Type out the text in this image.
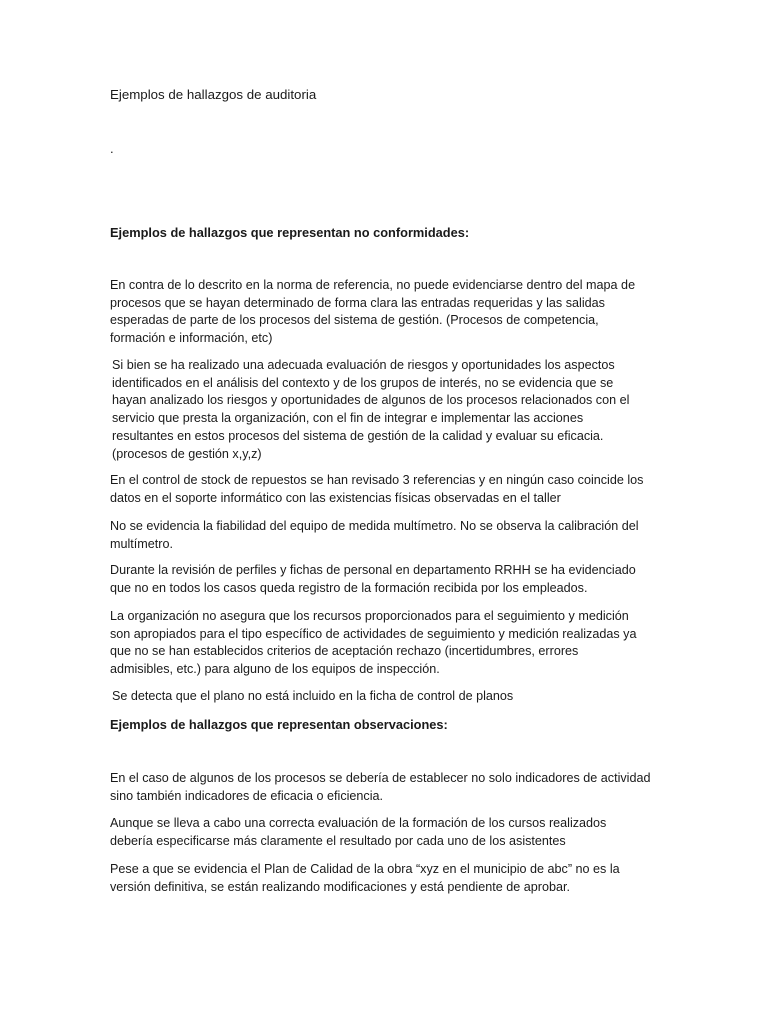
Ejemplos de hallazgos de auditoria
.
Ejemplos de hallazgos que representan no conformidades:

En contra de lo descrito en la norma de referencia, no puede evidenciarse dentro del mapa de
procesos que se hayan determinado de forma clara las entradas requeridas y las salidas
esperadas de parte de los procesos del sistema de gestión. (Procesos de competencia,
formación e información, etc)

Si bien se ha realizado una adecuada evaluación de riesgos y oportunidades los aspectos
identificados en el análisis del contexto y de los grupos de interés, no se evidencia que se
hayan analizado los riesgos y oportunidades de algunos de los procesos relacionados con el
servicio que presta la organización, con el fin de integrar e implementar las acciones
resultantes en estos procesos del sistema de gestión de la calidad y evaluar su eficacia.
(procesos de gestión x,y,z)

En el control de stock de repuestos se han revisado 3 referencias y en ningún caso coincide los
datos en el soporte informático con las existencias físicas observadas en el taller

No se evidencia la fiabilidad del equipo de medida multímetro. No se observa la calibración del
multímetro.

Durante la revisión de perfiles y fichas de personal en departamento RRHH se ha evidenciado
que no en todos los casos queda registro de la formación recibida por los empleados.

La organización no asegura que los recursos proporcionados para el seguimiento y medición
son apropiados para el tipo específico de actividades de seguimiento y medición realizadas ya
que no se han establecidos criterios de aceptación rechazo (incertidumbres, errores
admisibles, etc.) para alguno de los equipos de inspección.

Se detecta que el plano no está incluido en la ficha de control de planos

Ejemplos de hallazgos que representan observaciones:

En el caso de algunos de los procesos se debería de establecer no solo indicadores de actividad
sino también indicadores de eficacia o eficiencia.

Aunque se lleva a cabo una correcta evaluación de la formación de los cursos realizados
debería especificarse más claramente el resultado por cada uno de los asistentes

Pese a que se evidencia el Plan de Calidad de la obra “xyz en el municipio de abc” no es la
versión definitiva, se están realizando modificaciones y está pendiente de aprobar.
